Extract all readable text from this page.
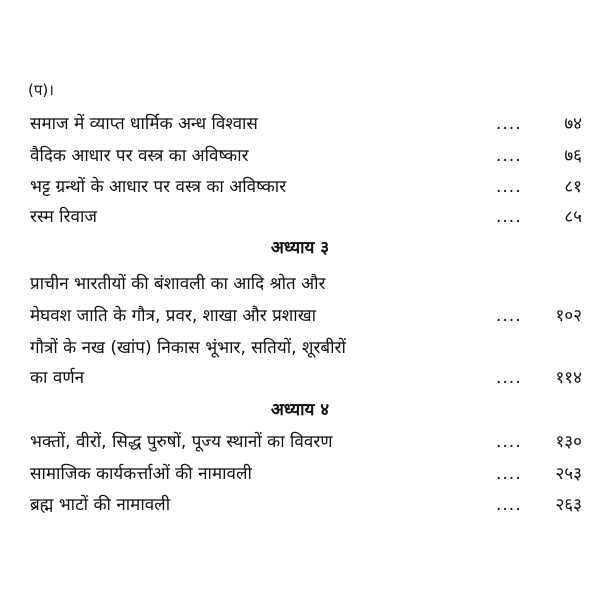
(प)।
समाज में व्याप्त धार्मिक अन्ध विश्वास	....	७४
वैदिक आधार पर वस्त्र का अविष्कार	....	७६
भट्ट ग्रन्थों के आधार पर वस्त्र का अविष्कार	....	८१
रस्म रिवाज	....	८५
अध्याय ३
प्राचीन भारतीयों की बंशावली का आदि श्रोत और
मेघवश जाति के गौत्र, प्रवर, शाखा और प्रशाखा	....	१०२
गौत्रों के नख (खांप) निकास भूंभार, सतियों, शूरबीरों
का वर्णन	....	११४
अध्याय ४
भक्तों, वीरों, सिद्ध पुरुषों, पूज्य स्थानों का विवरण	....	१३०
सामाजिक कार्यकर्त्ताओं की नामावली	....	२५३
ब्रह्म भाटों की नामावली	....	२६३
